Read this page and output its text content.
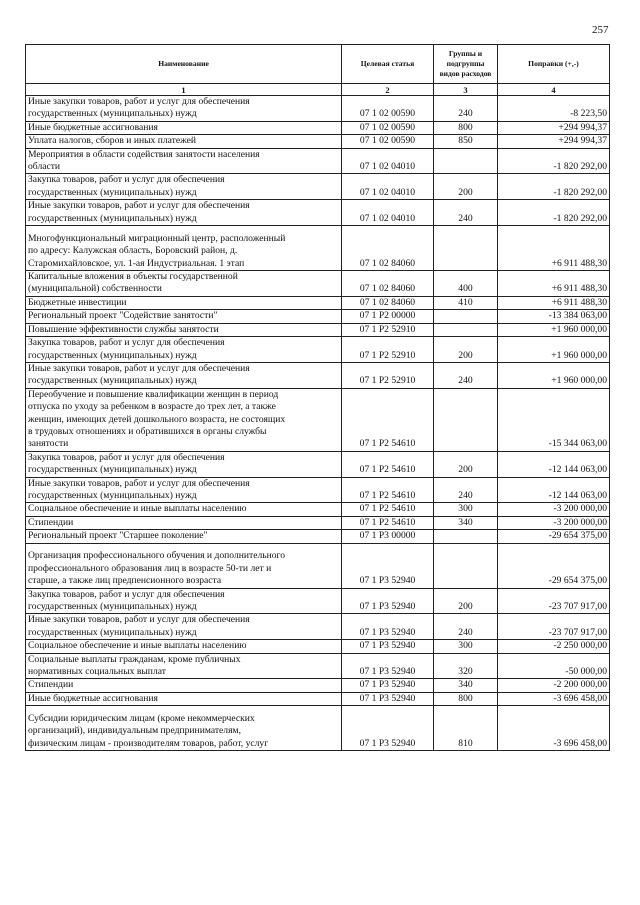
257
Наименование	Целевая статья	Группы и подгруппы видов расходов	Поправки (+,-)
1	2	3	4
Иные закупки товаров, работ и услуг для обеспечения
государственных (муниципальных) нужд	07 1 02 00590	240	-8 223,50
Иные бюджетные ассигнования	07 1 02 00590	800	+294 994,37
Уплата налогов, сборов и иных платежей	07 1 02 00590	850	+294 994,37
Мероприятия в области содействия занятости населения
области	07 1 02 04010		-1 820 292,00
Закупка товаров, работ и услуг для обеспечения
государственных (муниципальных) нужд	07 1 02 04010	200	-1 820 292,00
Иные закупки товаров, работ и услуг для обеспечения
государственных (муниципальных) нужд	07 1 02 04010	240	-1 820 292,00
Многофункциональный миграционный центр, расположенный
по адресу: Калужская область, Боровский район, д.
Старомихайловское, ул. 1-ая Индустриальная. 1 этап	07 1 02 84060		+6 911 488,30
Капитальные вложения в объекты государственной
(муниципальной) собственности	07 1 02 84060	400	+6 911 488,30
Бюджетные инвестиции	07 1 02 84060	410	+6 911 488,30
Региональный проект "Содействие занятости"	07 1 P2 00000		-13 384 063,00
Повышение эффективности службы занятости	07 1 P2 52910		+1 960 000,00
Закупка товаров, работ и услуг для обеспечения
государственных (муниципальных) нужд	07 1 P2 52910	200	+1 960 000,00
Иные закупки товаров, работ и услуг для обеспечения
государственных (муниципальных) нужд	07 1 P2 52910	240	+1 960 000,00
Переобучение и повышение квалификации женщин в период
отпуска по уходу за ребенком в возрасте до трех лет, а также
женщин, имеющих детей дошкольного возраста, не состоящих
в трудовых отношениях и обратившихся в органы службы
занятости	07 1 P2 54610		-15 344 063,00
Закупка товаров, работ и услуг для обеспечения
государственных (муниципальных) нужд	07 1 P2 54610	200	-12 144 063,00
Иные закупки товаров, работ и услуг для обеспечения
государственных (муниципальных) нужд	07 1 P2 54610	240	-12 144 063,00
Социальное обеспечение и иные выплаты населению	07 1 P2 54610	300	-3 200 000,00
Стипендии	07 1 P2 54610	340	-3 200 000,00
Региональный проект "Старшее поколение"	07 1 P3 00000		-29 654 375,00
Организация профессионального обучения и дополнительного
профессионального образования лиц в возрасте 50-ти лет и
старше, а также лиц предпенсионного возраста	07 1 P3 52940		-29 654 375,00
Закупка товаров, работ и услуг для обеспечения
государственных (муниципальных) нужд	07 1 P3 52940	200	-23 707 917,00
Иные закупки товаров, работ и услуг для обеспечения
государственных (муниципальных) нужд	07 1 P3 52940	240	-23 707 917,00
Социальное обеспечение и иные выплаты населению	07 1 P3 52940	300	-2 250 000,00
Социальные выплаты гражданам, кроме публичных
нормативных социальных выплат	07 1 P3 52940	320	-50 000,00
Стипендии	07 1 P3 52940	340	-2 200 000,00
Иные бюджетные ассигнования	07 1 P3 52940	800	-3 696 458,00
Субсидии юридическим лицам (кроме некоммерческих
организаций), индивидуальным предпринимателям,
физическим лицам - производителям товаров, работ, услуг	07 1 P3 52940	810	-3 696 458,00
